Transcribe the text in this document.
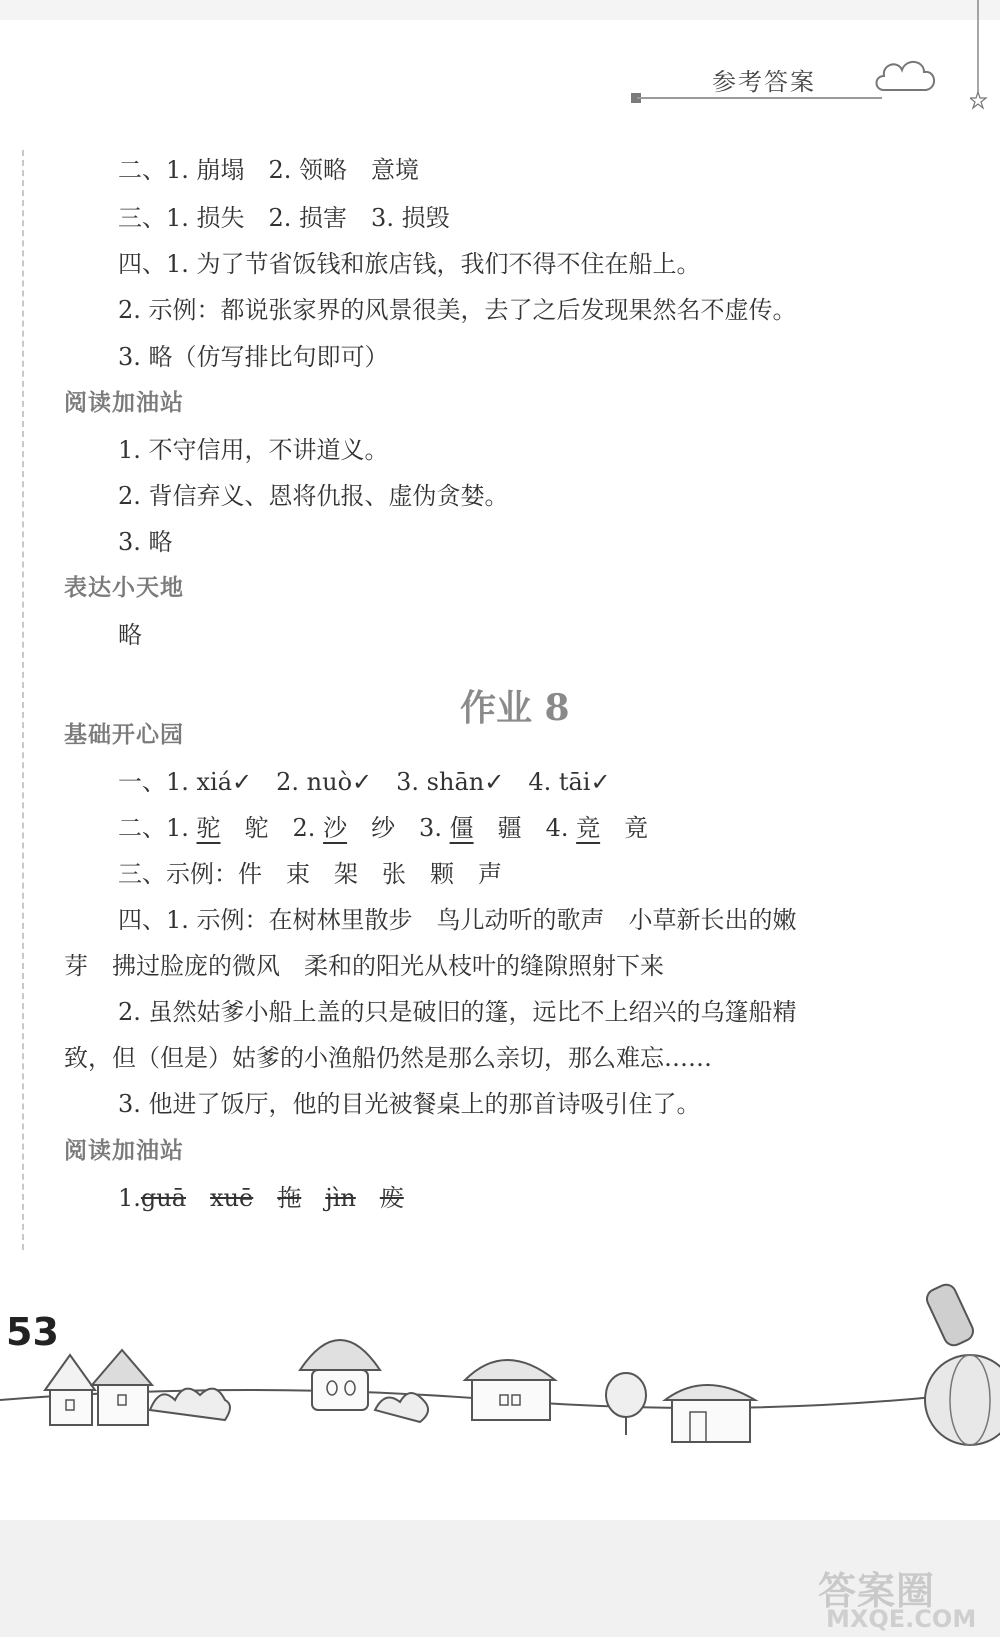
参考答案
二、1. 崩塌　2. 领略　意境
三、1. 损失　2. 损害　3. 损毁
四、1. 为了节省饭钱和旅店钱，我们不得不住在船上。
2. 示例：都说张家界的风景很美，去了之后发现果然名不虚传。
3. 略（仿写排比句即可）
阅读加油站
1. 不守信用，不讲道义。
2. 背信弃义、恩将仇报、虚伪贪婪。
3. 略
表达小天地
略
作业 8
基础开心园
一、1. xiá✓　2. nuò✓　3. shān✓　4. tāi✓
二、1. 驼　 鸵　2. 沙　 纱　3. 僵　 疆　4. 竞　 竟
三、示例：件　束　架　张　颗　声
四、1. 示例：在树林里散步　鸟儿动听的歌声　小草新长出的嫩
芽　拂过脸庞的微风　柔和的阳光从枝叶的缝隙照射下来
2. 虽然姑爹小船上盖的只是破旧的篷，远比不上绍兴的乌篷船精
致，但（但是）姑爹的小渔船仍然是那么亲切，那么难忘……
3. 他进了饭厅，他的目光被餐桌上的那首诗吸引住了。
阅读加油站
1.guā　 xuē　 拖　 jìn　 废
53
答案圈
MXQE.COM
